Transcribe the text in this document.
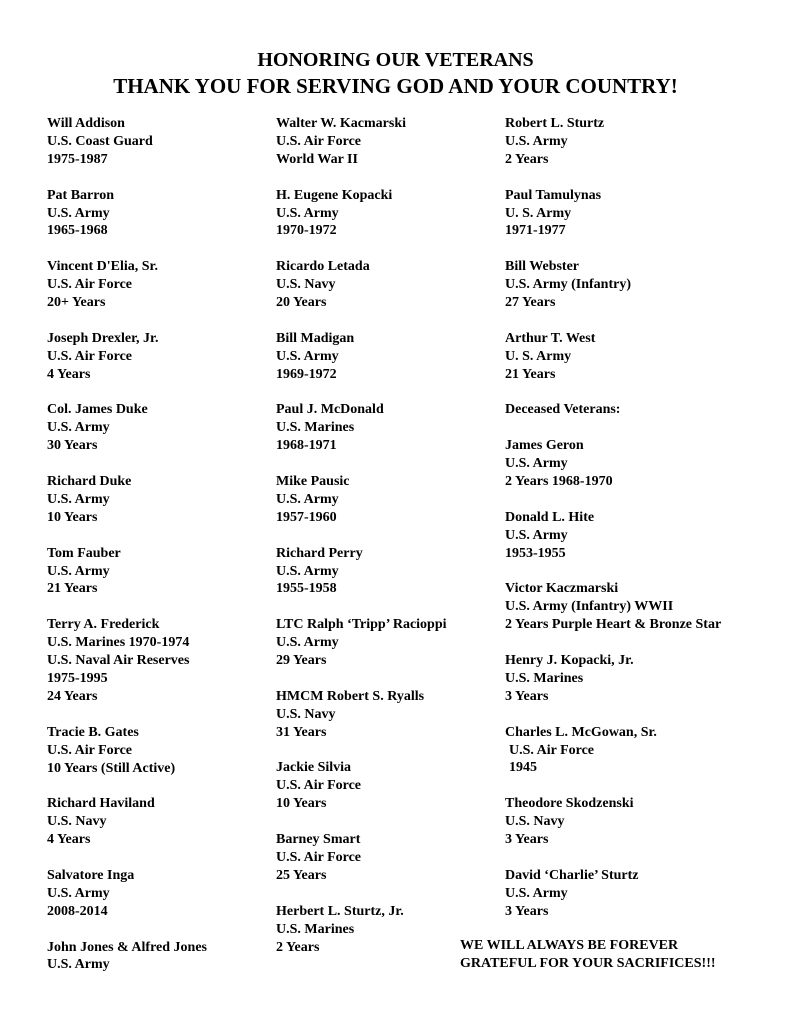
HONORING OUR VETERANS
THANK YOU FOR SERVING GOD AND YOUR COUNTRY!
Will Addison
U.S. Coast Guard
1975-1987
Pat Barron
U.S. Army
1965-1968
Vincent D'Elia, Sr.
U.S. Air Force
20+ Years
Joseph Drexler, Jr.
U.S. Air Force
4 Years
Col. James Duke
U.S. Army
30 Years
Richard Duke
U.S. Army
10 Years
Tom Fauber
U.S. Army
21 Years
Terry A. Frederick
U.S. Marines 1970-1974
U.S. Naval Air Reserves
1975-1995
24 Years
Tracie B. Gates
U.S. Air Force
10 Years (Still Active)
Richard Haviland
U.S. Navy
4 Years
Salvatore Inga
U.S. Army
2008-2014
John Jones & Alfred Jones
U.S. Army
Walter W. Kacmarski
U.S. Air Force
World War II
H. Eugene Kopacki
U.S. Army
1970-1972
Ricardo Letada
U.S. Navy
20 Years
Bill Madigan
U.S. Army
1969-1972
Paul J. McDonald
U.S. Marines
1968-1971
Mike Pausic
U.S. Army
1957-1960
Richard Perry
U.S. Army
1955-1958
LTC Ralph ‘Tripp’ Racioppi
U.S. Army
29 Years
HMCM Robert S. Ryalls
U.S. Navy
31 Years
Jackie Silvia
U.S. Air Force
10 Years
Barney Smart
U.S. Air Force
25 Years
Herbert L. Sturtz, Jr.
U.S. Marines
2 Years
Robert L. Sturtz
U.S. Army
2 Years
Paul Tamulynas
U. S. Army
1971-1977
Bill Webster
U.S. Army (Infantry)
27 Years
Arthur T. West
U. S. Army
21 Years
Deceased Veterans:
James Geron
U.S. Army
2 Years 1968-1970
Donald L. Hite
U.S. Army
1953-1955
Victor Kaczmarski
U.S. Army (Infantry) WWII
2 Years Purple Heart & Bronze Star
Henry J. Kopacki, Jr.
U.S. Marines
3 Years
Charles L. McGowan, Sr.
U.S. Air Force
1945
Theodore Skodzenski
U.S. Navy
3 Years
David ‘Charlie’ Sturtz
U.S. Army
3 Years
WE WILL ALWAYS BE FOREVER
GRATEFUL FOR YOUR SACRIFICES!!!
